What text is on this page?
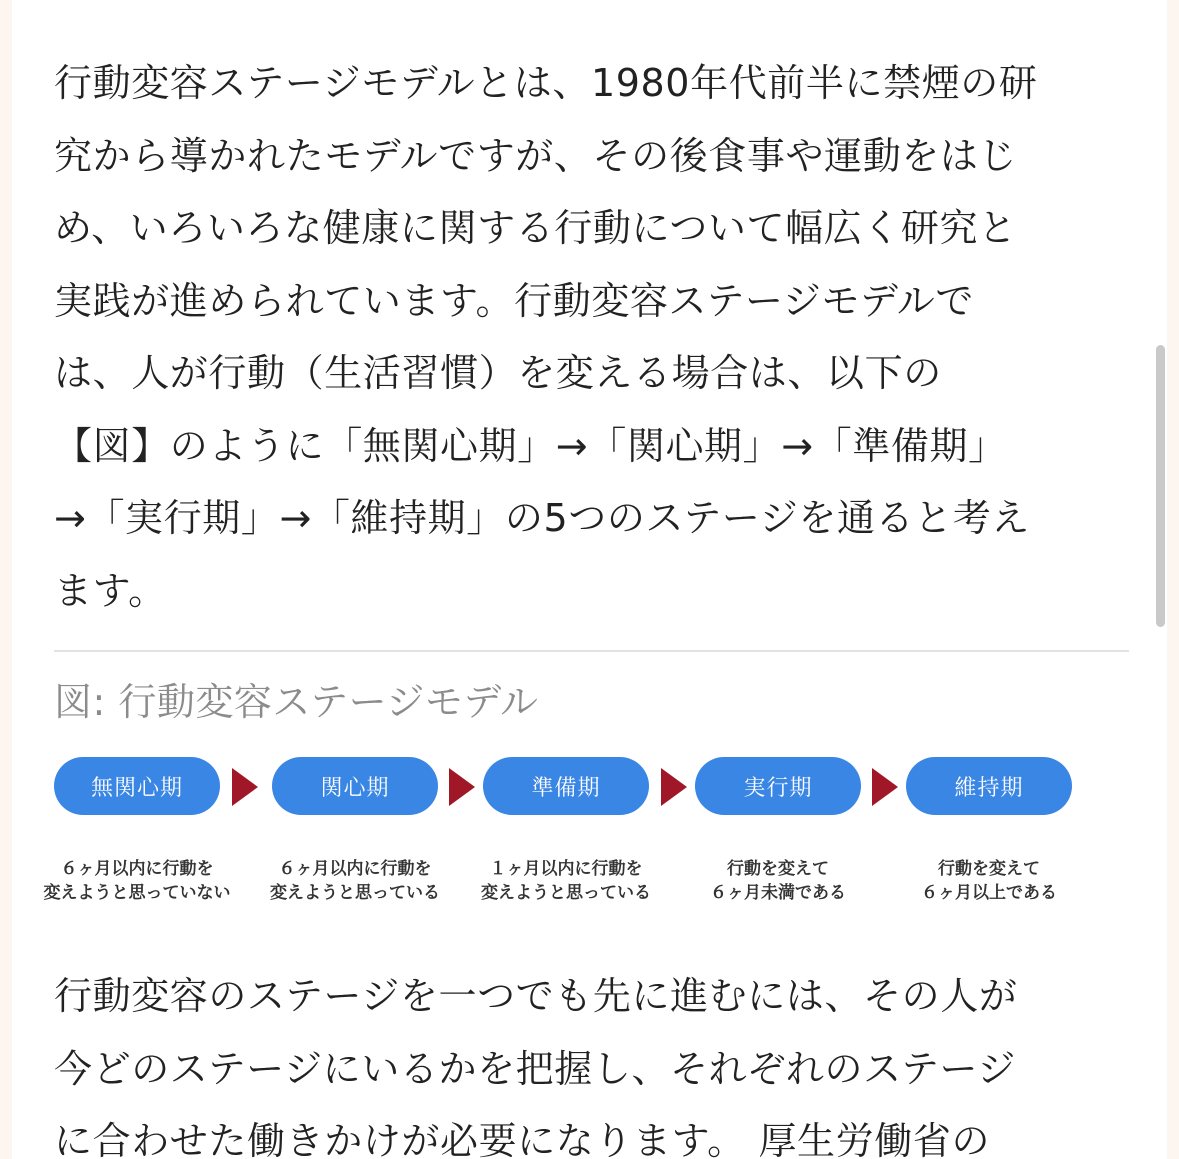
行動変容ステージモデルとは、1980年代前半に禁煙の研
究から導かれたモデルですが、その後食事や運動をはじ
め、いろいろな健康に関する行動について幅広く研究と
実践が進められています。行動変容ステージモデルで
は、人が行動（生活習慣）を変える場合は、以下の
【図】のように「無関心期」→「関心期」→「準備期」
→「実行期」→「維持期」の5つのステージを通ると考え
ます。

図: 行動変容ステージモデル
無関心期	関心期	準備期	実行期	維持期
６ヶ月以内に行動を
変えようと思っていない
６ヶ月以内に行動を
変えようと思っている
１ヶ月以内に行動を
変えようと思っている
行動を変えて
６ヶ月未満である
行動を変えて
６ヶ月以上である

行動変容のステージを一つでも先に進むには、その人が
今どのステージにいるかを把握し、それぞれのステージ
に合わせた働きかけが必要になります。 厚生労働省の
